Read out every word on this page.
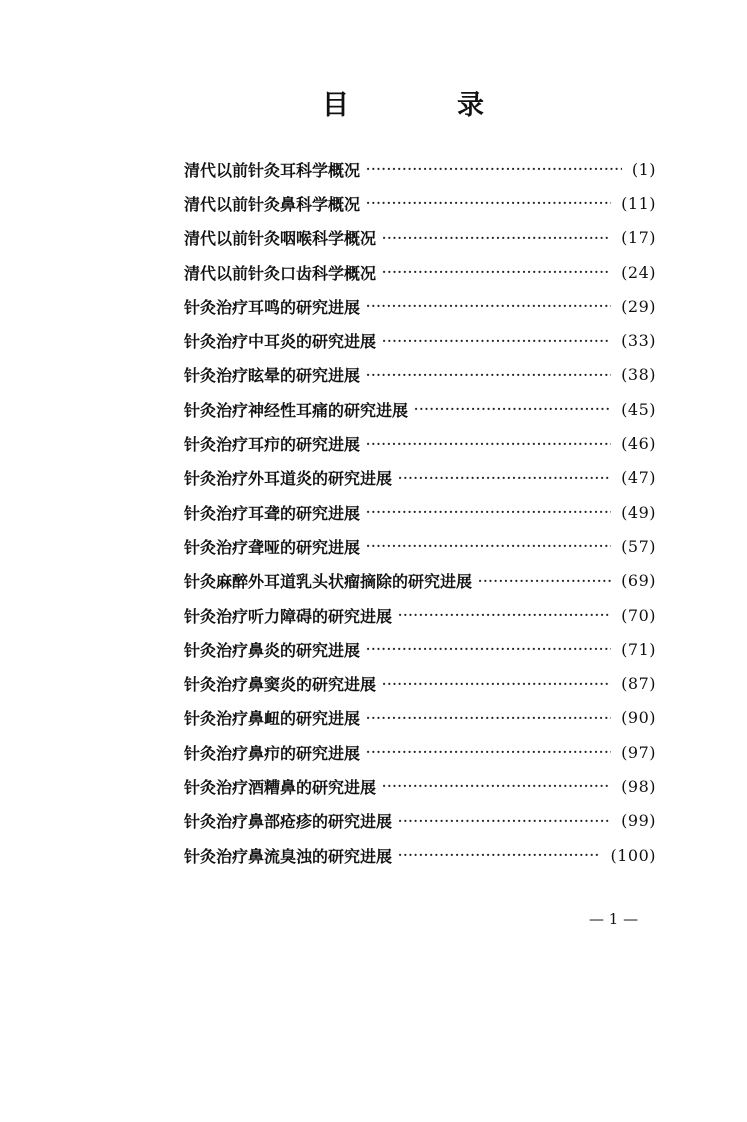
目	录
清代以前针灸耳科学概况 ·····	(1)
清代以前针灸鼻科学概况 ·····	(11)
清代以前针灸咽喉科学概况 ·····	(17)
清代以前针灸口齿科学概况 ·····	(24)
针灸治疗耳鸣的研究进展 ·····	(29)
针灸治疗中耳炎的研究进展 ·····	(33)
针灸治疗眩晕的研究进展 ·····	(38)
针灸治疗神经性耳痛的研究进展 ·····	(45)
针灸治疗耳疖的研究进展 ·····	(46)
针灸治疗外耳道炎的研究进展 ·····	(47)
针灸治疗耳聋的研究进展 ·····	(49)
针灸治疗聋哑的研究进展 ·····	(57)
针灸麻醉外耳道乳头状瘤摘除的研究进展 ·····	(69)
针灸治疗听力障碍的研究进展 ·····	(70)
针灸治疗鼻炎的研究进展 ·····	(71)
针灸治疗鼻窦炎的研究进展 ·····	(87)
针灸治疗鼻衄的研究进展 ·····	(90)
针灸治疗鼻疖的研究进展 ·····	(97)
针灸治疗酒糟鼻的研究进展 ·····	(98)
针灸治疗鼻部疮疹的研究进展 ·····	(99)
针灸治疗鼻流臭浊的研究进展 ·····	(100)
— 1 —
